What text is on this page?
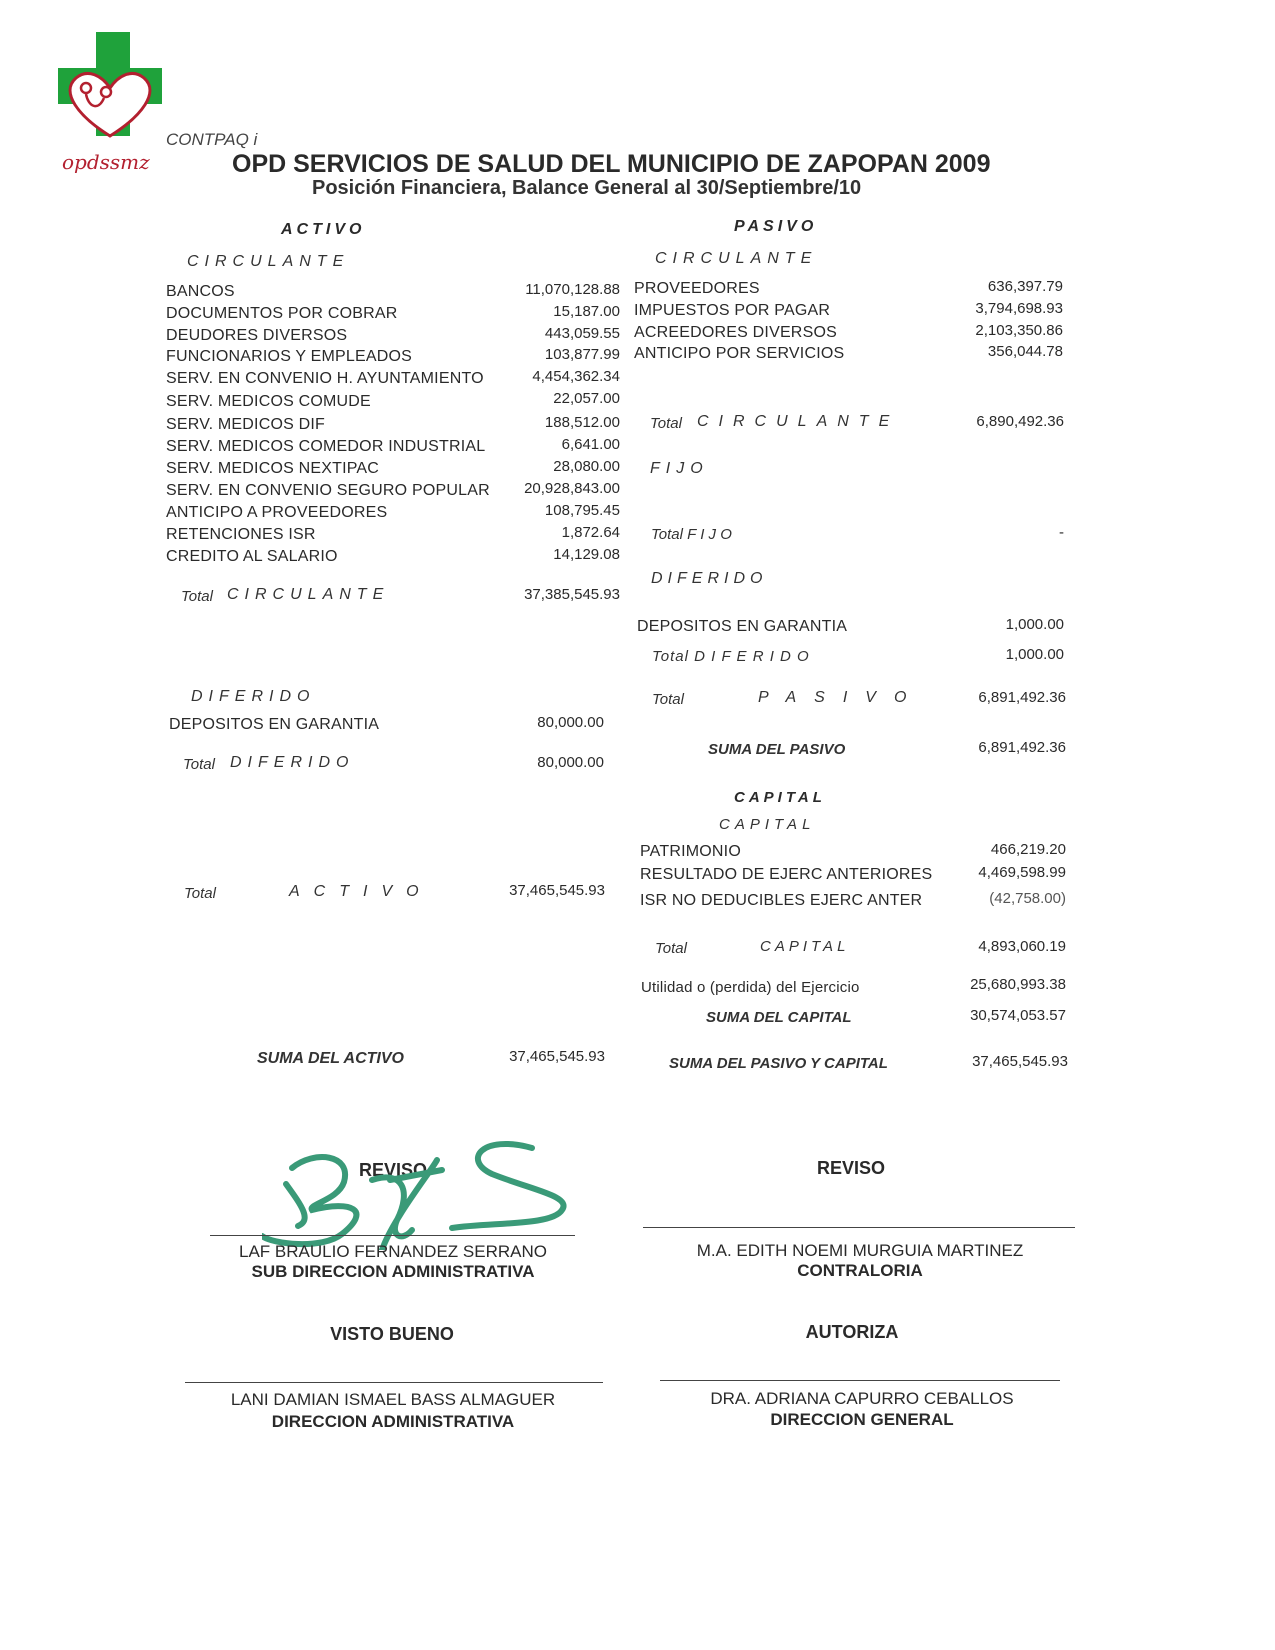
opdssmz
CONTPAQ i
OPD SERVICIOS DE SALUD DEL MUNICIPIO DE ZAPOPAN 2009
Posición Financiera, Balance General al 30/Septiembre/10
ACTIVO
CIRCULANTE
BANCOS	11,070,128.88
DOCUMENTOS POR COBRAR	15,187.00
DEUDORES DIVERSOS	443,059.55
FUNCIONARIOS Y EMPLEADOS	103,877.99
SERV. EN CONVENIO H. AYUNTAMIENTO	4,454,362.34
SERV. MEDICOS COMUDE	22,057.00
SERV. MEDICOS DIF	188,512.00
SERV. MEDICOS COMEDOR INDUSTRIAL	6,641.00
SERV. MEDICOS NEXTIPAC	28,080.00
SERV. EN CONVENIO SEGURO POPULAR	20,928,843.00
ANTICIPO A PROVEEDORES	108,795.45
RETENCIONES ISR	1,872.64
CREDITO AL SALARIO	14,129.08
Total CIRCULANTE	37,385,545.93
DIFERIDO
DEPOSITOS EN GARANTIA	80,000.00
Total DIFERIDO	80,000.00
Total	ACTIVO	37,465,545.93
SUMA DEL ACTIVO	37,465,545.93
PASIVO
CIRCULANTE
PROVEEDORES	636,397.79
IMPUESTOS POR PAGAR	3,794,698.93
ACREEDORES DIVERSOS	2,103,350.86
ANTICIPO POR SERVICIOS	356,044.78
Total CIRCULANTE	6,890,492.36
FIJO
Total F I J O	-
DIFERIDO
DEPOSITOS EN GARANTIA	1,000.00
Total D I F E R I D O	1,000.00
Total	PASIVO	6,891,492.36
SUMA DEL PASIVO	6,891,492.36
CAPITAL
CAPITAL
PATRIMONIO	466,219.20
RESULTADO DE EJERC ANTERIORES	4,469,598.99
ISR NO DEDUCIBLES EJERC ANTER	(42,758.00)
Total	CAPITAL	4,893,060.19
Utilidad o (perdida) del Ejercicio	25,680,993.38
SUMA DEL CAPITAL	30,574,053.57
SUMA DEL PASIVO Y CAPITAL	37,465,545.93
REVISO
LAF BRAULIO FERNANDEZ SERRANO
SUB DIRECCION ADMINISTRATIVA
REVISO
M.A. EDITH NOEMI MURGUIA MARTINEZ
CONTRALORIA
VISTO BUENO
LANI DAMIAN ISMAEL BASS ALMAGUER
DIRECCION ADMINISTRATIVA
AUTORIZA
DRA. ADRIANA CAPURRO CEBALLOS
DIRECCION GENERAL
